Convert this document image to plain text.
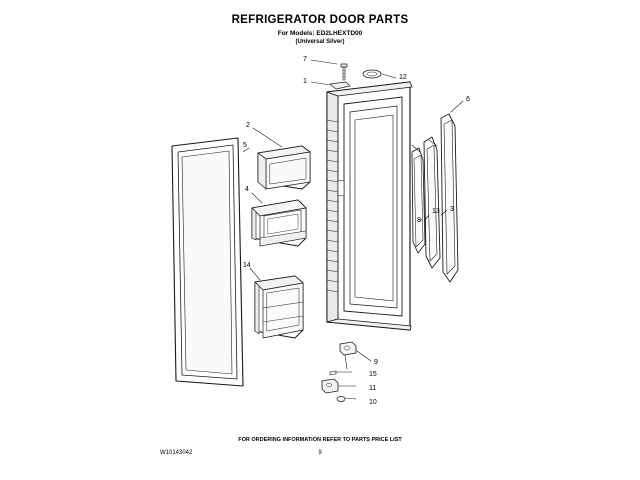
REFRIGERATOR DOOR PARTS
For Models: ED2LHEXTD00
(Universal Silver)
7
12
1
6
2
5
4
3
13
8
14
9
15
11
10
FOR ORDERING INFORMATION REFER TO PARTS PRICE LIST
W10143042	9
